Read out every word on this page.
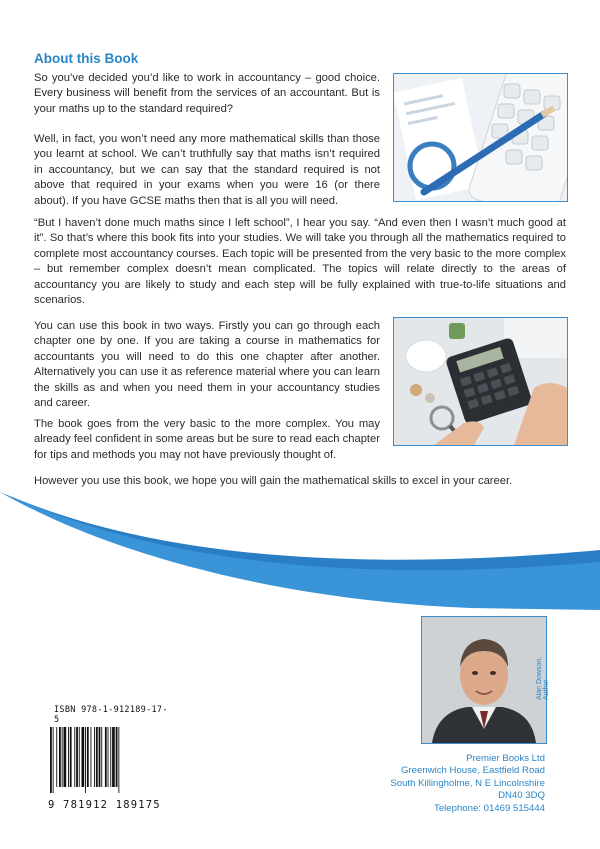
About this Book
So you’ve decided you’d like to work in accountancy – good choice. Every business will benefit from the services of an accountant. But is your maths up to the standard required?
Well, in fact, you won’t need any more mathematical skills than those you learnt at school. We can’t truthfully say that maths isn’t required in accountancy, but we can say that the standard required is not above that required in your exams when you were 16 (or there about). If you have GCSE maths then that is all you will need.
“But I haven’t done much maths since I left school”, I hear you say. “And even then I wasn’t much good at it”. So that’s where this book fits into your studies. We will take you through all the mathematics required to complete most accountancy courses. Each topic will be presented from the very basic to the more complex – but remember complex doesn’t mean complicated. The topics will relate directly to the areas of accountancy you are likely to study and each step will be fully explained with true-to-life situations and scenarios.
You can use this book in two ways. Firstly you can go through each chapter one by one. If you are taking a course in mathematics for accountants you will need to do this one chapter after another. Alternatively you can use it as reference material where you can learn the skills as and when you need them in your accountancy studies and career.
The book goes from the very basic to the more complex. You may already feel confident in some areas but be sure to read each chapter for tips and methods you may not have previously thought of.
However you use this book, we hope you will gain the mathematical skills to excel in your career.
Alan Dowson, Author
ISBN 978-1-912189-17-5
9 781912 189175
Premier Books Ltd
Greenwich House, Eastfield Road
South Killingholme, N E Lincolnshire
DN40 3DQ
Telephone: 01469 515444
